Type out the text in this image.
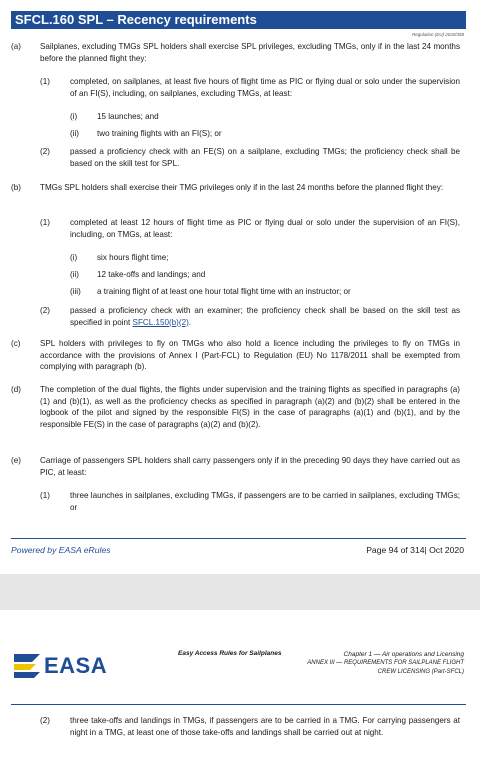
SFCL.160 SPL – Recency requirements
Regulation (EU) 2020/358
(a) Sailplanes, excluding TMGs SPL holders shall exercise SPL privileges, excluding TMGs, only if in the last 24 months before the planned flight they:
(1) completed, on sailplanes, at least five hours of flight time as PIC or flying dual or solo under the supervision of an FI(S), including, on sailplanes, excluding TMGs, at least:
(i) 15 launches; and
(ii) two training flights with an FI(S); or
(2) passed a proficiency check with an FE(S) on a sailplane, excluding TMGs; the proficiency check shall be based on the skill test for SPL.
(b) TMGs SPL holders shall exercise their TMG privileges only if in the last 24 months before the planned flight they:
(1) completed at least 12 hours of flight time as PIC or flying dual or solo under the supervision of an FI(S), including, on TMGs, at least:
(i) six hours flight time;
(ii) 12 take-offs and landings; and
(iii) a training flight of at least one hour total flight time with an instructor; or
(2) passed a proficiency check with an examiner; the proficiency check shall be based on the skill test as specified in point SFCL.150(b)(2).
(c) SPL holders with privileges to fly on TMGs who also hold a licence including the privileges to fly on TMGs in accordance with the provisions of Annex I (Part-FCL) to Regulation (EU) No 1178/2011 shall be exempted from complying with paragraph (b).
(d) The completion of the dual flights, the flights under supervision and the training flights as specified in paragraphs (a)(1) and (b)(1), as well as the proficiency checks as specified in paragraph (a)(2) and (b)(2) shall be entered in the logbook of the pilot and signed by the responsible FI(S) in the case of paragraphs (a)(1) and (b)(1), and by the responsible FE(S) in the case of paragraphs (a)(2) and (b)(2).
(e) Carriage of passengers SPL holders shall carry passengers only if in the preceding 90 days they have carried out as PIC, at least:
(1) three launches in sailplanes, excluding TMGs, if passengers are to be carried in sailplanes, excluding TMGs; or
Powered by EASA eRules	Page 94 of 314| Oct 2020
EASA	Easy Access Rules for Sailplanes	Chapter 1 — Air operations and Licensing
ANNEX III — REQUIREMENTS FOR SAILPLANE FLIGHT CREW LICENSING (Part-SFCL)
(2) three take-offs and landings in TMGs, if passengers are to be carried in a TMG. For carrying passengers at night in a TMG, at least one of those take-offs and landings shall be carried out at night.
